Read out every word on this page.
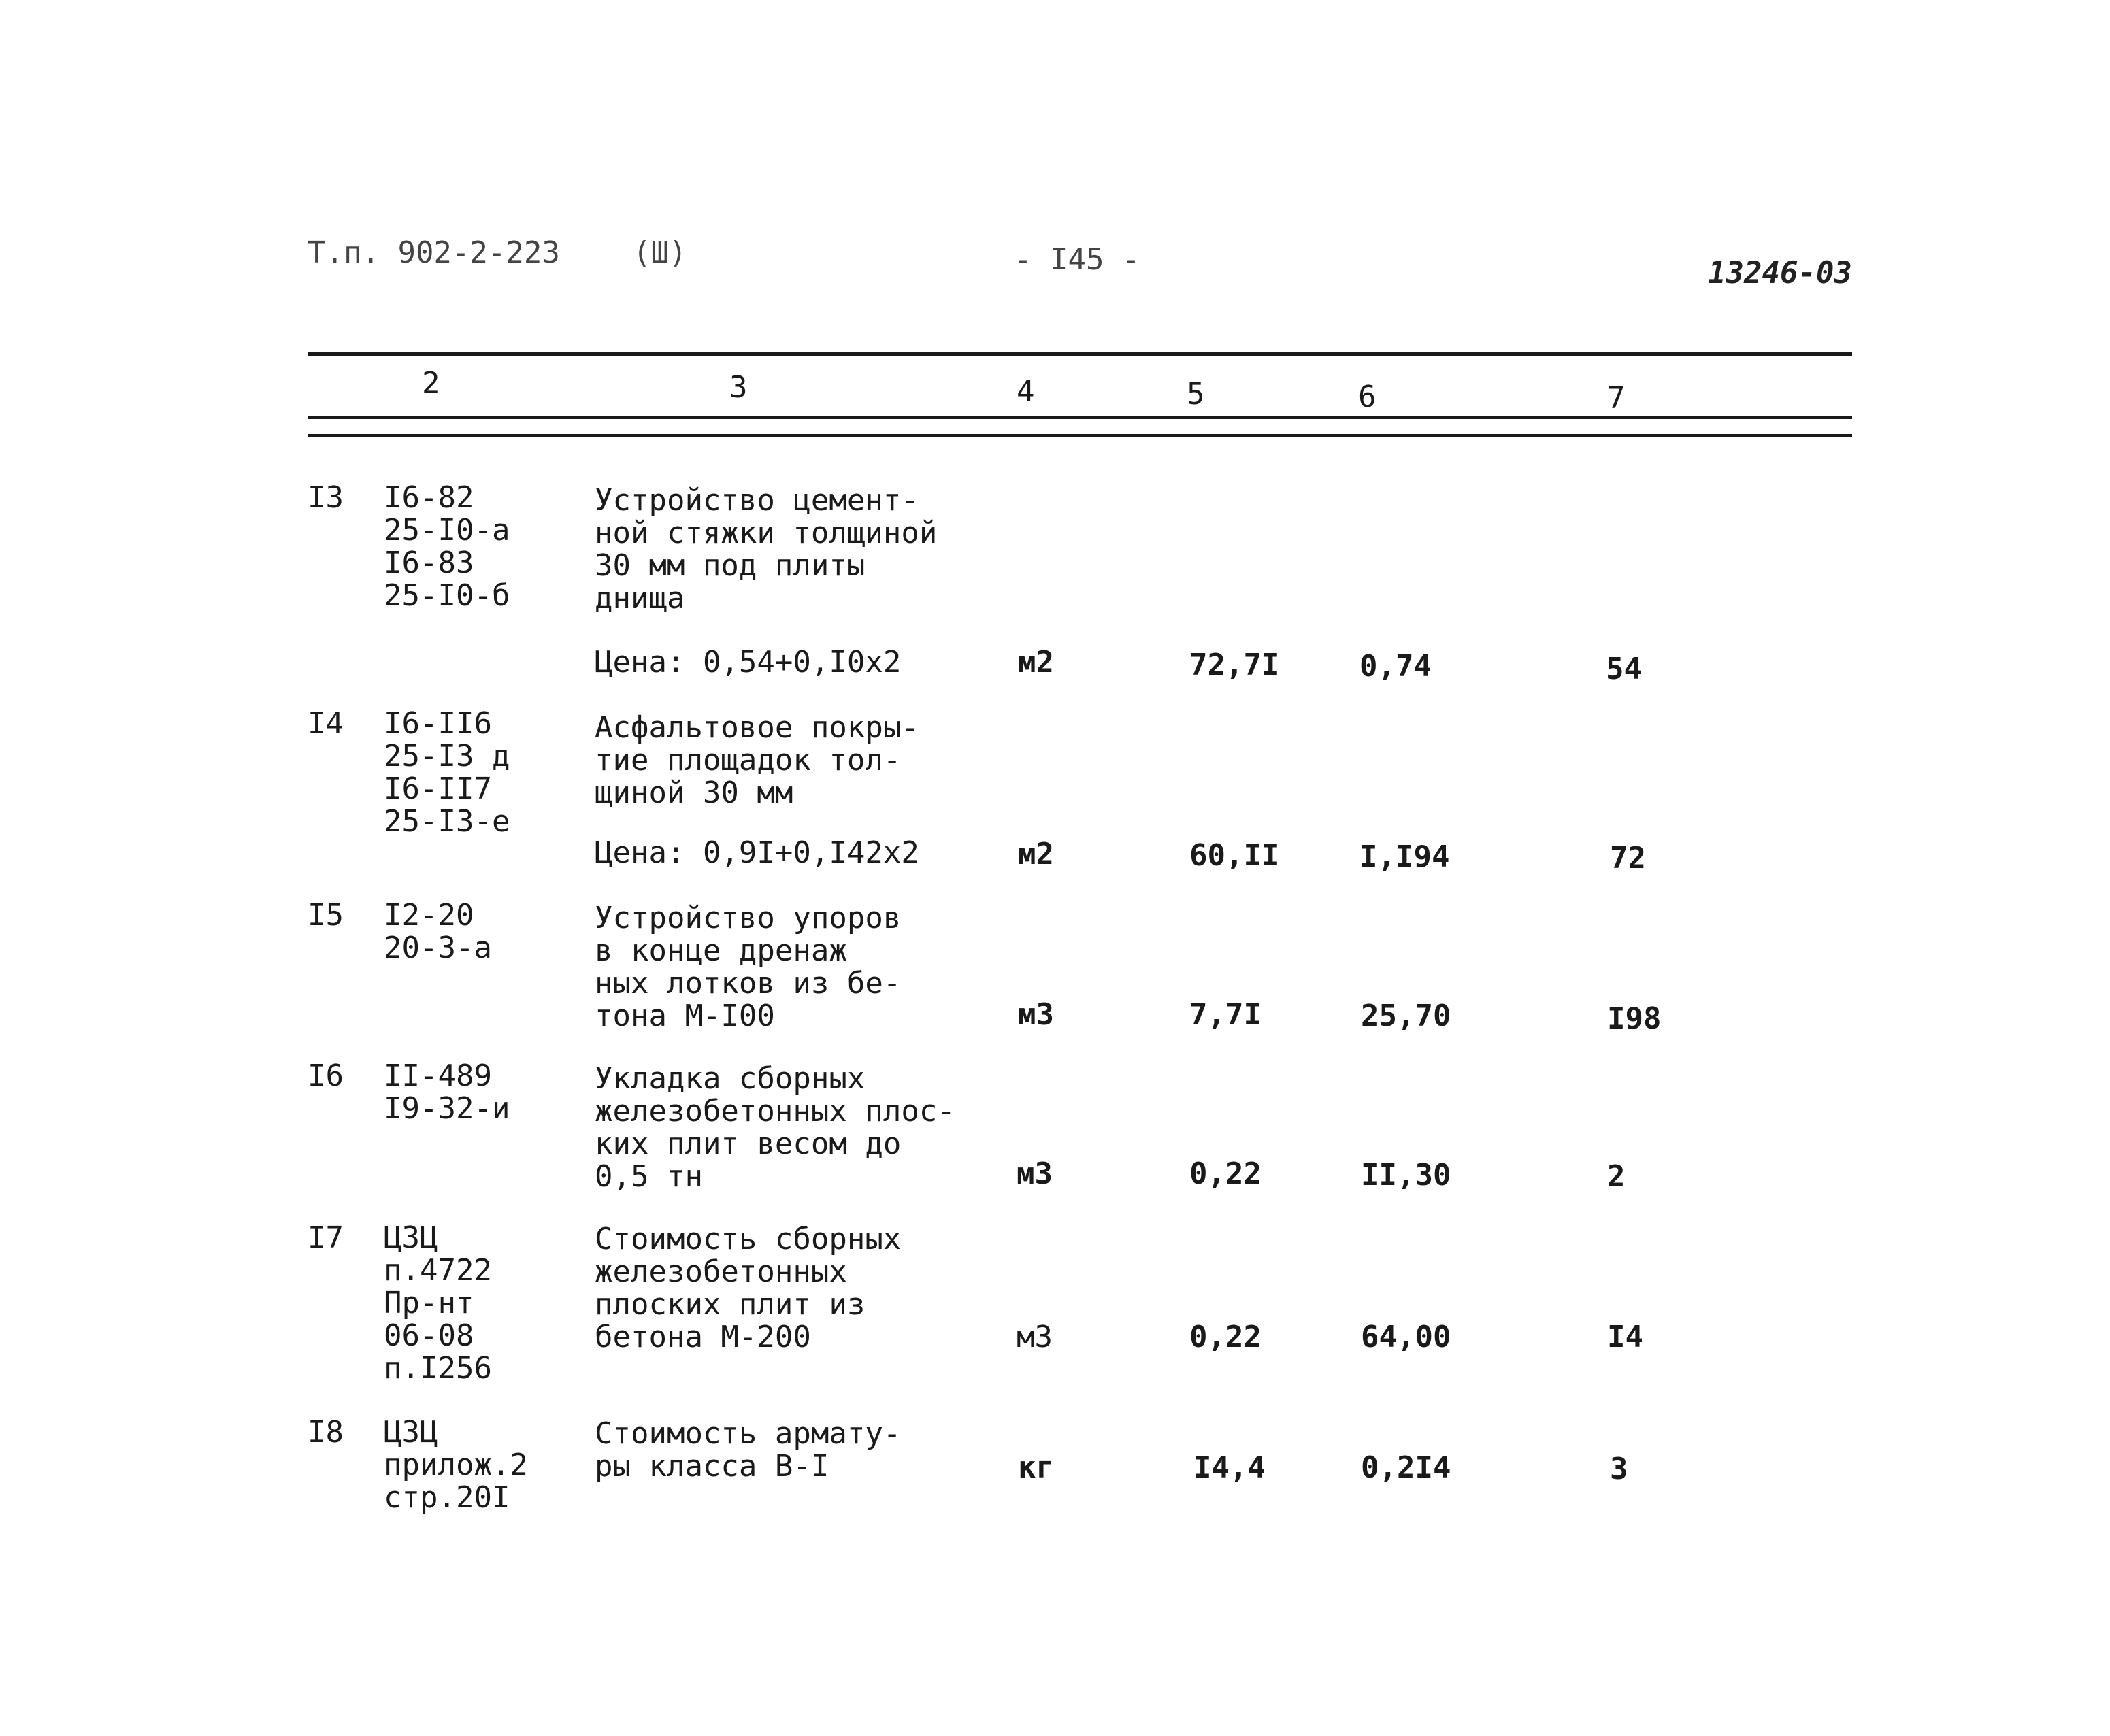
Т.п. 902-2-223 (Ш)	- I45 -	13246-03
2	3	4	5	6	7
I3 I6-82
25-I0-а
I6-83
25-I0-б
Устройство цемент-
ной стяжки толщиной
30 мм под плиты
днища
Цена: 0,54+0,I0х2	м2	72,7I	0,74	54
I4 I6-II6
25-I3 д
I6-II7
25-I3-е
Асфальтовое покры-
тие площадок тол-
щиной 30 мм
Цена: 0,9I+0,I42х2	м2	60,II	I,I94	72
I5 I2-20
20-3-а
Устройство упоров
в конце дренаж
ных лотков из бе-
тона М-I00	м3	7,7I	25,70	I98
I6 II-489
I9-32-и
Укладка сборных
железобетонных плос-
ких плит весом до
0,5 тн	м3	0,22	II,30	2
I7 ЦЗЦ
п.4722
Пр-нт
06-08
п.I256
Стоимость сборных
железобетонных
плоских плит из
бетона М-200	м3	0,22	64,00	I4
I8 ЦЗЦ
прилож.2
стр.20I
Стоимость армату-
ры класса В-I	кг	I4,4	0,2I4	3
